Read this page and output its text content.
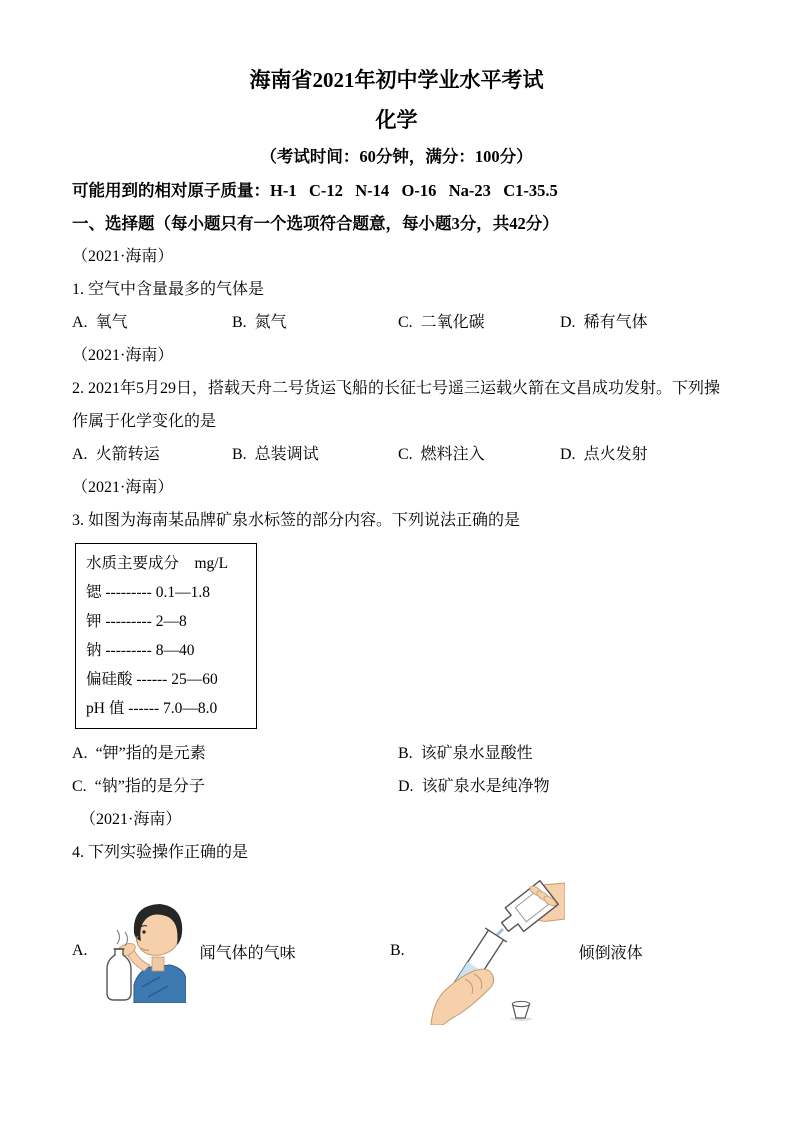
海南省2021年初中学业水平考试
化学
（考试时间：60分钟，满分：100分）
可能用到的相对原子质量：H-1   C-12   N-14   O-16   Na-23   C1-35.5
一、选择题（每小题只有一个选项符合题意，每小题3分，共42分）
（2021·海南）
1. 空气中含量最多的气体是
A. 氧气	B. 氮气	C. 二氧化碳	D. 稀有气体
（2021·海南）
2. 2021年5月29日，搭载天舟二号货运飞船的长征七号遥三运载火箭在文昌成功发射。下列操作属于化学变化的是
A. 火箭转运	B. 总装调试	C. 燃料注入	D. 点火发射
（2021·海南）
3. 如图为海南某品牌矿泉水标签的部分内容。下列说法正确的是
水质主要成分    mg/L
锶 --------- 0.1—1.8
钾 --------- 2—8
钠 --------- 8—40
偏硅酸 ------ 25—60
pH 值 ------ 7.0—8.0
A. “钾”指的是元素	B. 该矿泉水显酸性
C. “钠”指的是分子	D. 该矿泉水是纯净物
（2021·海南）
4. 下列实验操作正确的是
A.	闻气体的气味	B.	倾倒液体
